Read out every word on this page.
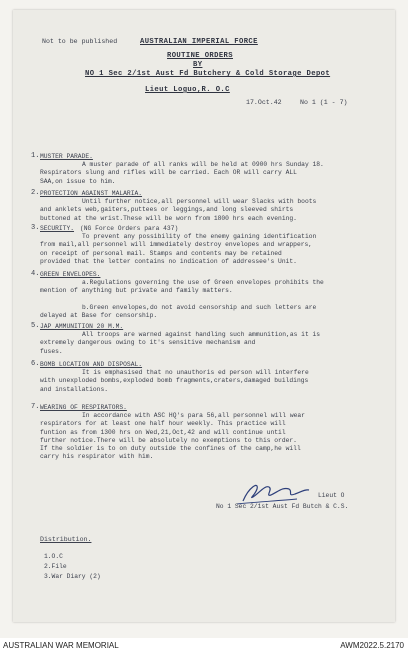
Not to be published	AUSTRALIAN IMPERIAL FORCE
ROUTINE ORDERS
BY
NO 1 Sec 2/1st Aust Fd Butchery & Cold Storage Depot
Lieut Loguo,R. O.C
17.Oct.42	No 1 (1 - 7)
1. MUSTER PARADE.
A muster parade of all ranks will be held at 0900 hrs Sunday 18.
Respirators slung and rifles will be carried. Each OR will carry ALL
SAA,on issue to him.
2. PROTECTION AGAINST MALARIA.
Until further notice,all personnel will wear Slacks with boots
and anklets web,gaiters,puttees or leggings,and long sleeved shirts
buttoned at the wrist.These will be worn from 1800 hrs each evening.
3. SECURITY. (NG Force Orders para 437)
To prevent any possibility of the enemy gaining identification
from mail,all personnel will immediately destroy envelopes and wrappers,
on receipt of personal mail. Stamps and contents may be retained
provided that the letter contains no indication of addressee's Unit.
4. GREEN ENVELOPES.
a.Regulations governing the use of Green envelopes prohibits the
mention of anything but private and family matters.
b.Green envelopes,do not avoid censorship and such letters are
delayed at Base for censorship.
5. JAP AMMUNITION 20 M.M.
All troops are warned against handling such ammunition,as it is
extremely dangerous owing to it's sensitive mechanism and
fuses.
6. BOMB LOCATION AND DISPOSAL.
It is emphasised that no unauthoris ed person will interfere
with unexploded bombs,exploded bomb fragments,craters,damaged buildings
and installations.
7. WEARING OF RESPIRATORS.
In accordance with ASC HQ's para 56,all personnel will wear
respirators for at least one half hour weekly. This practice will
funtion as from 1300 hrs on Wed,21,Oct,42 and will continue until
further notice.There will be absolutely no exemptions to this order.
If the soldier is to on duty outside the confines of the camp,he will
carry his respirator with him.
Lieut O
No 1 Sec 2/1st Aust Fd Butch & C.S.
Distribution.
1.O.C
2.File
3.War Diary (2)
AUSTRALIAN WAR MEMORIAL	AWM2022.5.2170
